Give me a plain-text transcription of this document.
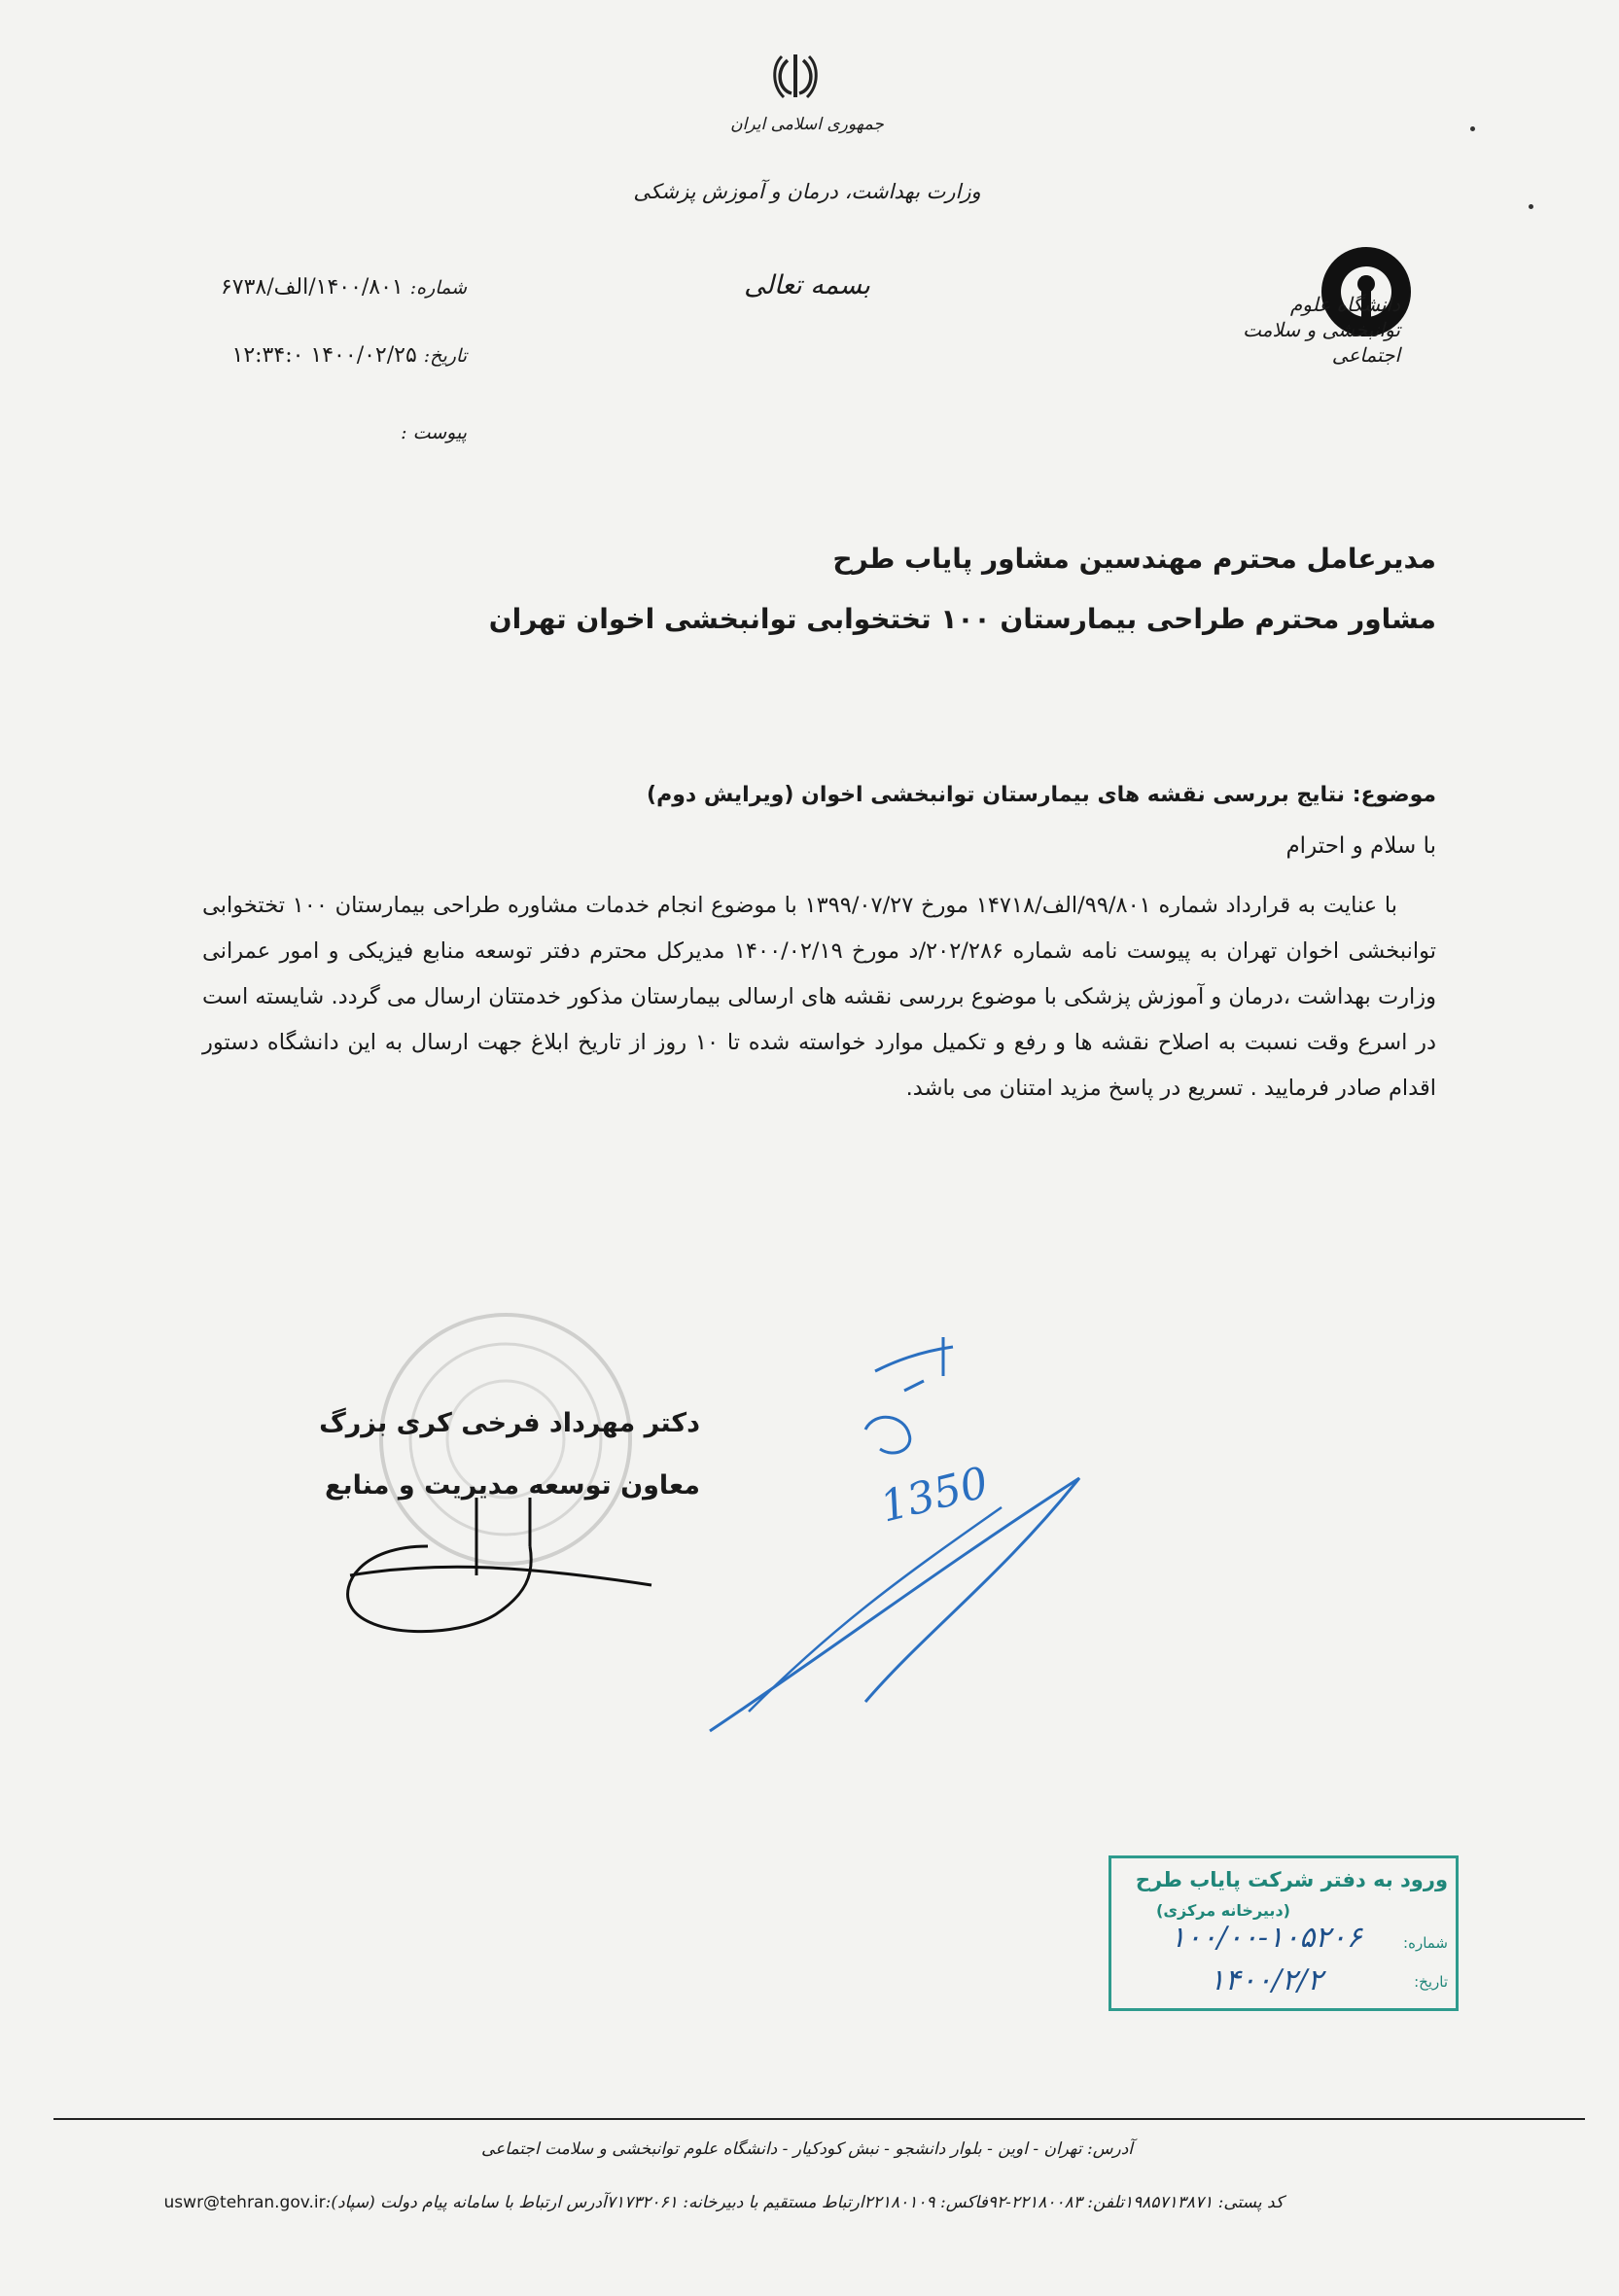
جمهوری اسلامی ایران
وزارت بهداشت، درمان و آموزش پزشکی
بسمه تعالی
شماره: ۱۴۰۰/۸۰۱/الف/۶۷۳۸
تاریخ: ۱۴۰۰/۰۲/۲۵ ۱۲:۳۴:۰
پیوست :
دانشگاه علوم توانبخشی و سلامت اجتماعی
مدیرعامل محترم مهندسین مشاور پایاب طرح
مشاور محترم طراحی بیمارستان ۱۰۰ تختخوابی توانبخشی اخوان تهران
موضوع: نتایج بررسی نقشه های بیمارستان توانبخشی اخوان (ویرایش دوم)
با سلام و احترام
با عنایت به قرارداد شماره ۹۹/۸۰۱/الف/۱۴۷۱۸ مورخ ۱۳۹۹/۰۷/۲۷ با موضوع انجام خدمات مشاوره طراحی بیمارستان ۱۰۰ تختخوابی توانبخشی اخوان تهران به پیوست نامه شماره ۲۰۲/۲۸۶/د مورخ ۱۴۰۰/۰۲/۱۹ مدیرکل محترم دفتر توسعه منابع فیزیکی و امور عمرانی وزارت بهداشت ،درمان و آموزش پزشکی با موضوع بررسی نقشه های ارسالی بیمارستان مذکور خدمتتان ارسال می گردد. شایسته است در اسرع وقت نسبت به اصلاح نقشه ها و رفع و تکمیل موارد خواسته شده تا ۱۰ روز از تاریخ ابلاغ جهت ارسال به این دانشگاه دستور اقدام صادر فرمایید . تسریع در پاسخ مزید امتنان می باشد.
دکتر مهرداد فرخی کری بزرگ
معاون توسعه مدیریت و منابع	1350
ورود به دفتر شرکت پایاب طرح
(دبیرخانه مرکزی)
شماره:
۱۰۰/۰۰-۱۰۵۲۰۶
تاریخ:
۱۴۰۰/۲/۲
آدرس: تهران - اوین - بلوار دانشجو - نبش کودکیار - دانشگاه علوم توانبخشی و سلامت اجتماعی
کد پستی: ۱۹۸۵۷۱۳۸۷۱
تلفن: ۲۲۱۸۰۰۸۳-۹۲
فاکس: ۲۲۱۸۰۱۰۹
ارتباط مستقیم با دبیرخانه: ۷۱۷۳۲۰۶۱
آدرس ارتباط با سامانه پیام دولت (سپاد):
uswr@tehran.gov.ir
